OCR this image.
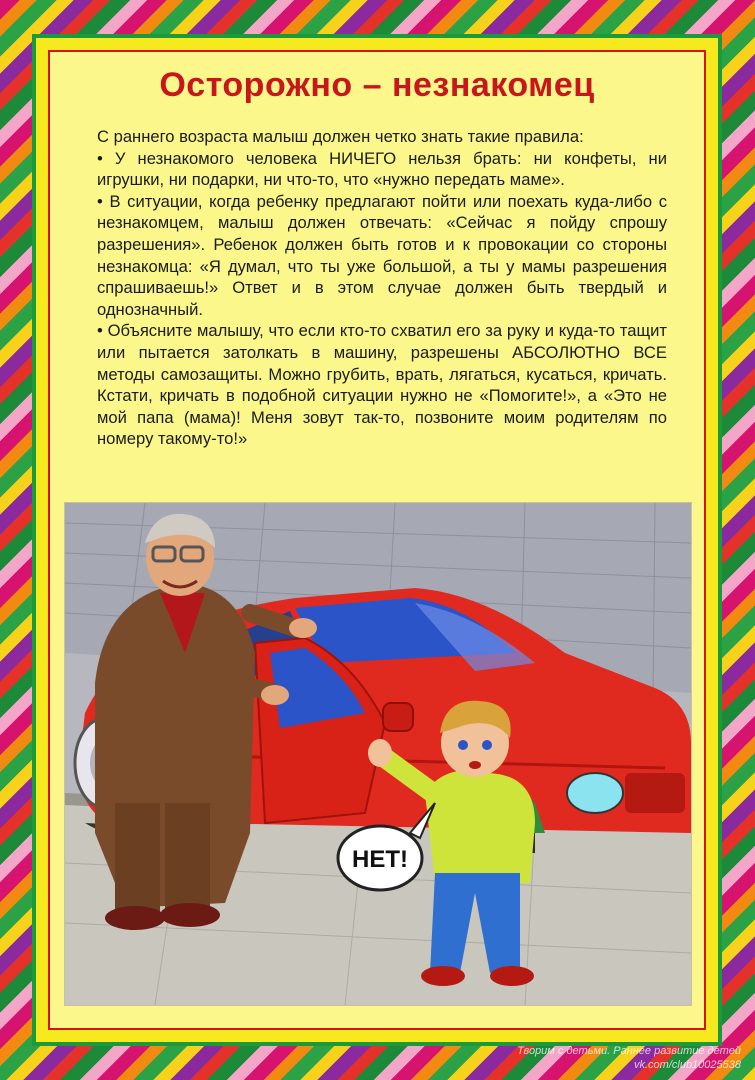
Осторожно – незнакомец

С раннего возраста малыш должен четко знать такие правила:

• У незнакомого человека НИЧЕГО нельзя брать: ни конфеты, ни игрушки, ни подарки, ни что-то, что «нужно передать маме».

• В ситуации, когда ребенку предлагают пойти или поехать куда-либо с незнакомцем, малыш должен отвечать: «Сейчас я пойду спрошу разрешения». Ребенок должен быть готов и к провокации со стороны незнакомца: «Я думал, что ты уже большой, а ты у мамы разрешения спрашиваешь!» Ответ и в этом случае должен быть твердый и однозначный.

• Объясните малышу, что если кто-то схватил его за руку и куда-то тащит или пытается затолкать в машину, разрешены АБСОЛЮТНО ВСЕ методы самозащиты. Можно грубить, врать, лягаться, кусаться, кричать. Кстати, кричать в подобной ситуации нужно не «Помогите!», а «Это не мой папа (мама)! Меня зовут так-то, позвоните моим родителям по номеру такому-то!»

НЕТ!
Творим с детьми. Раннее развитие детей
vk.com/club10025538
